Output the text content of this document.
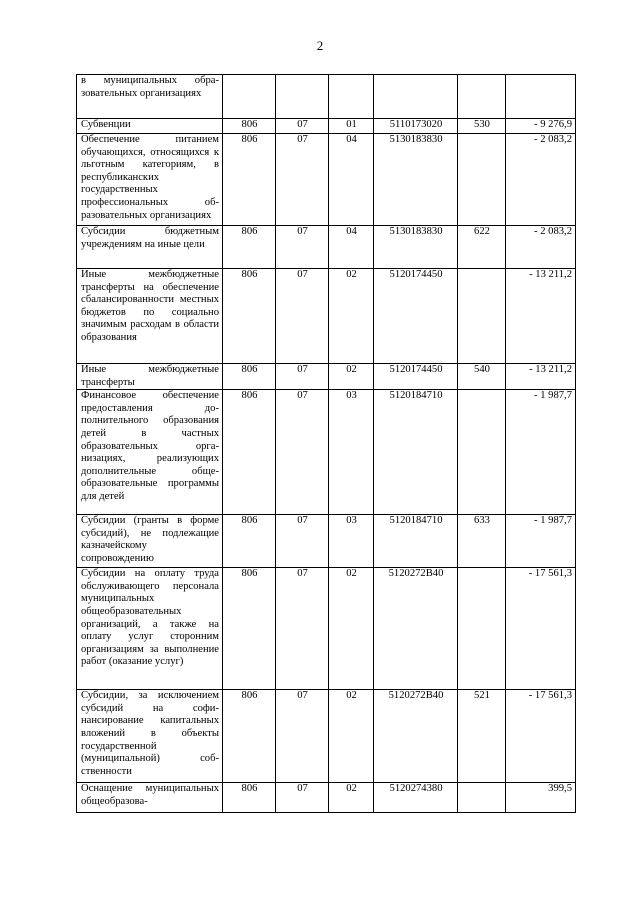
2
в муниципальных образовательных организациях						
Субвенции	806	07	01	5110173020	530	- 9 276,9
Обеспечение питанием обучающихся, относящихся к льготным категориям, в республиканских государственных профессиональных образовательных организациях	806	07	04	5130183830		- 2 083,2
Субсидии бюджетным учреждениям на иные цели	806	07	04	5130183830	622	- 2 083,2
Иные межбюджетные трансферты на обеспечение сбалансированности местных бюджетов по социально значимым расходам в области образования	806	07	02	5120174450		- 13 211,2
Иные межбюджетные трансферты	806	07	02	5120174450	540	- 13 211,2
Финансовое обеспечение предоставления дополнительного образования детей в частных образовательных организациях, реализующих дополнительные общеобразовательные программы для детей	806	07	03	5120184710		- 1 987,7
Субсидии (гранты в форме субсидий), не подлежащие казначейскому сопровождению	806	07	03	5120184710	633	- 1 987,7
Субсидии на оплату труда обслуживающего персонала муниципальных общеобразовательных организаций, а также на оплату услуг сторонним организациям за выполнение работ (оказание услуг)	806	07	02	5120272В40		- 17 561,3
Субсидии, за исключением субсидий на софинансирование капитальных вложений в объекты государственной (муниципальной) собственности	806	07	02	5120272В40	521	- 17 561,3
Оснащение муниципальных общеобразова-	806	07	02	5120274380		399,5
